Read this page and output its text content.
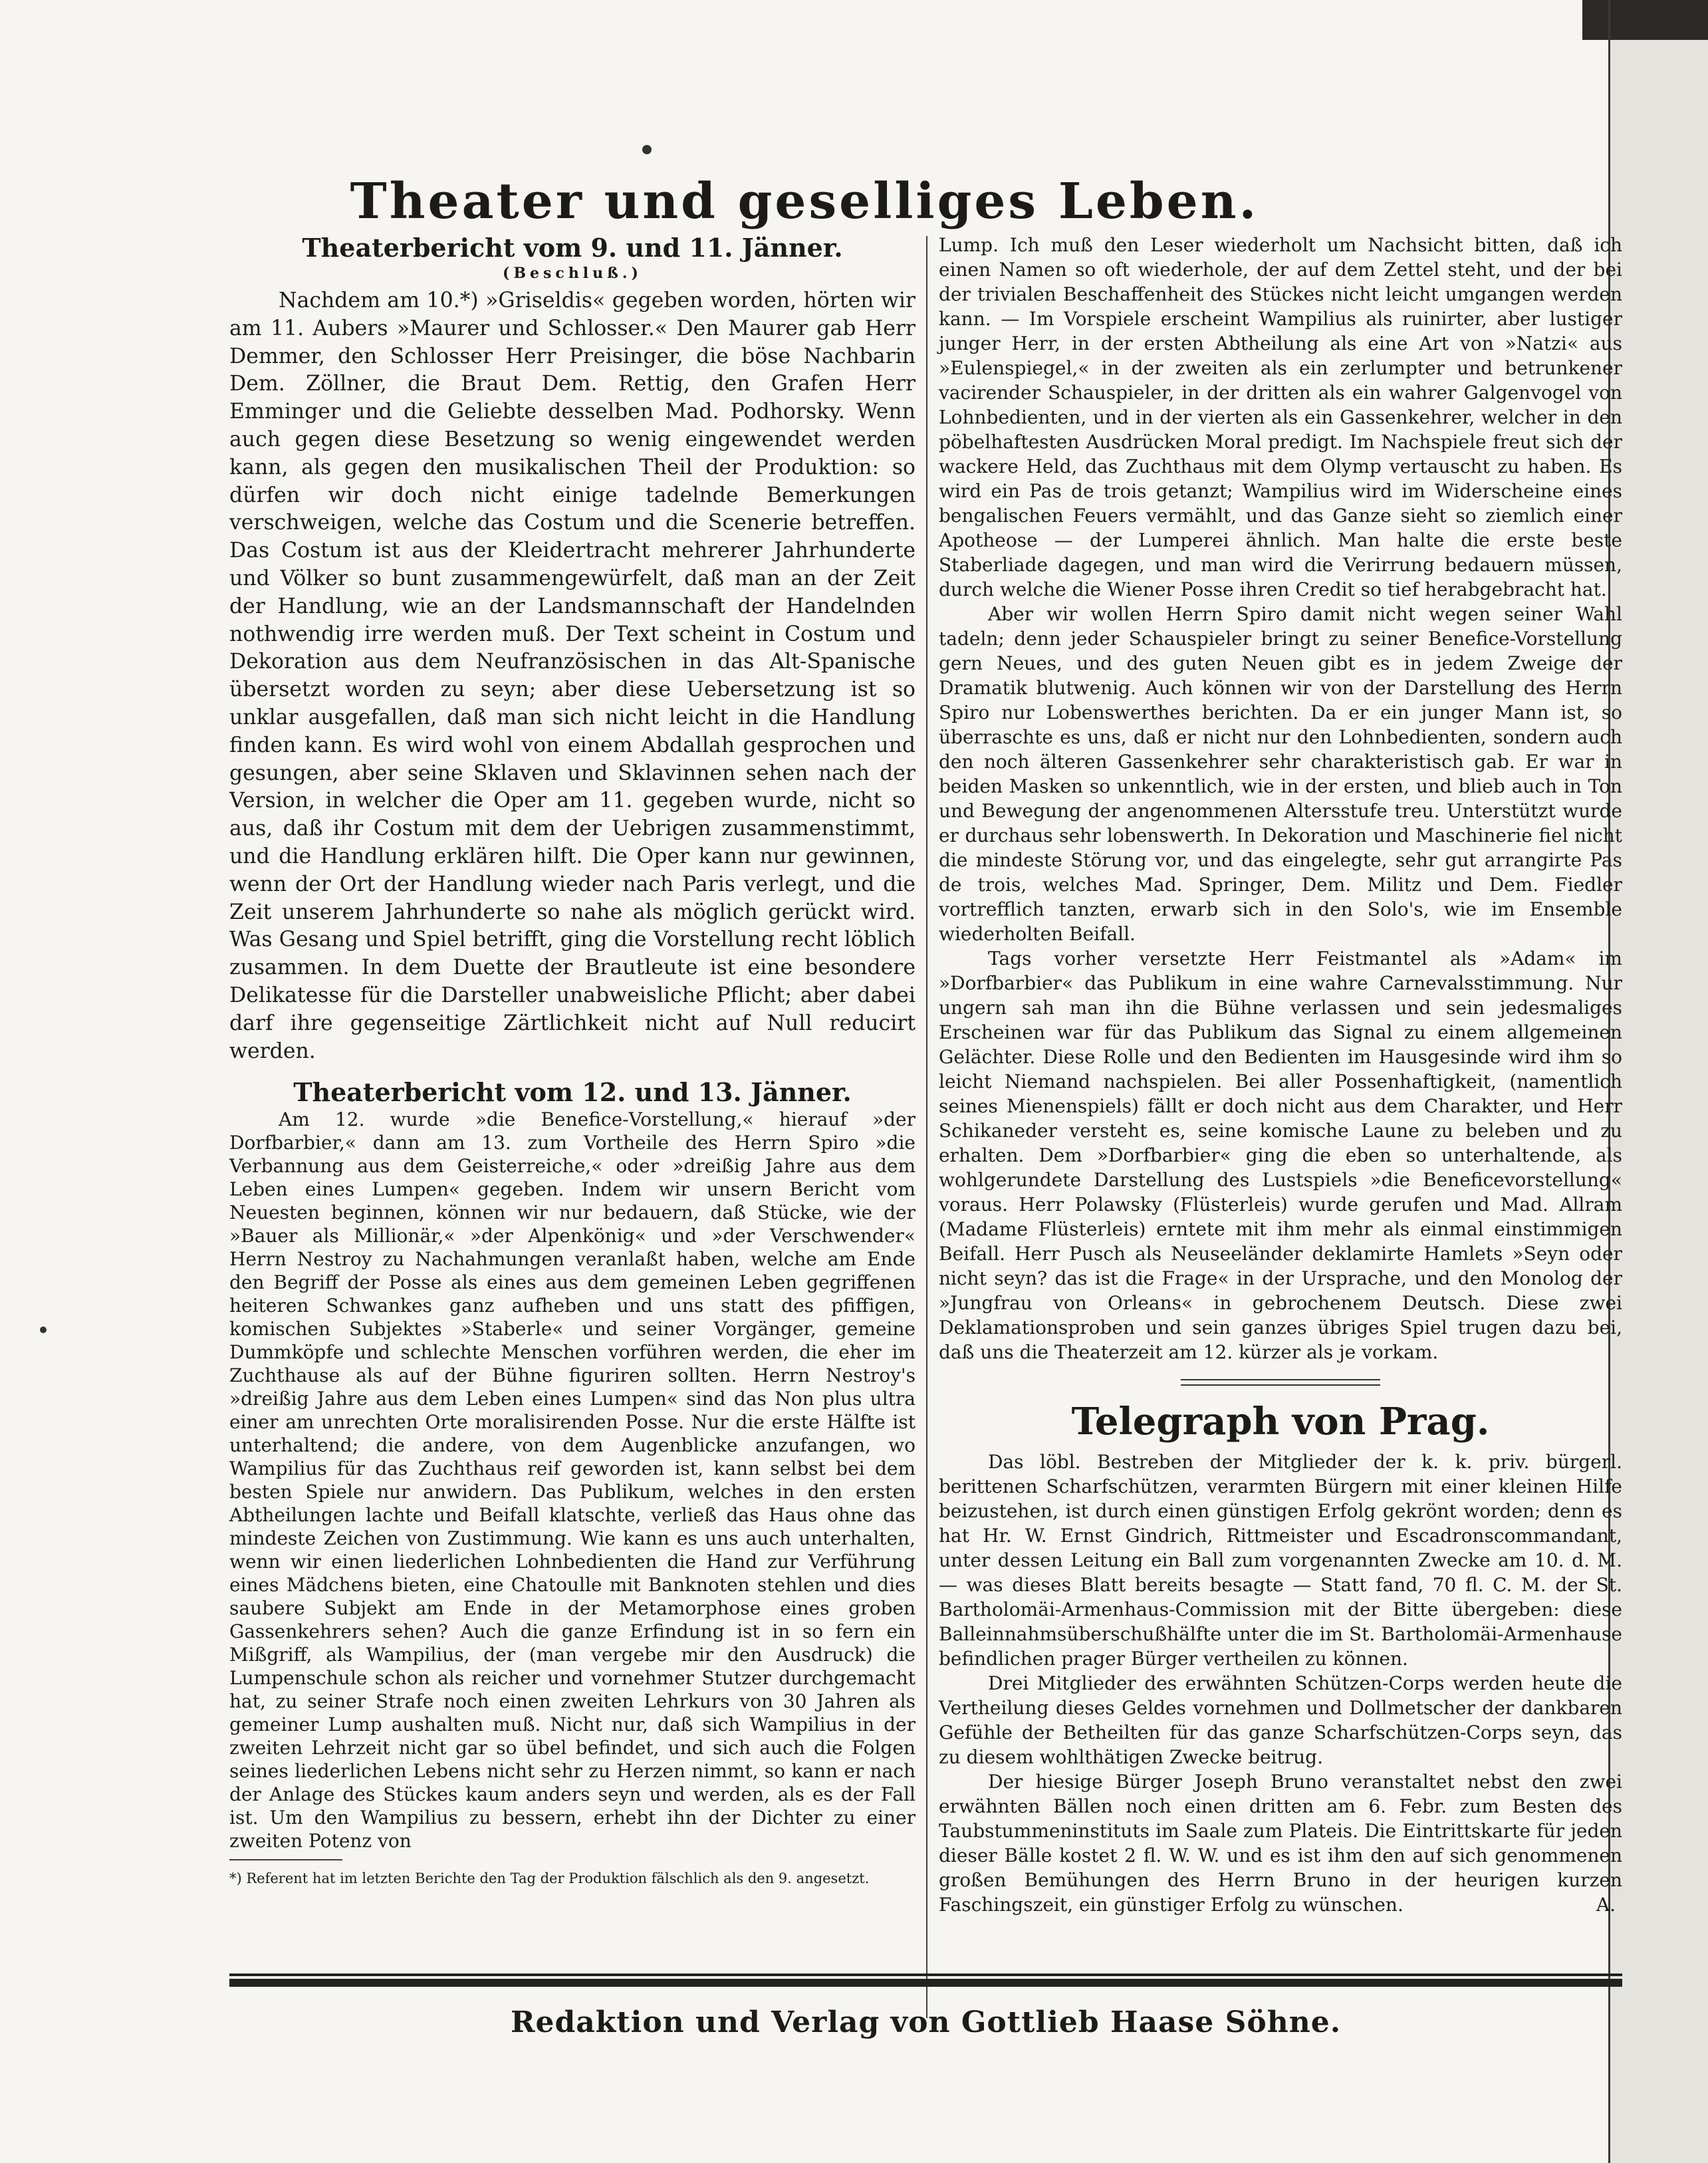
Theater und geselliges Leben.
Theaterbericht vom 9. und 11. Jänner.
(Beschluß.)

Nachdem am 10.*) »Griseldis« gegeben worden, hörten wir am 11. Aubers »Maurer und Schlosser.« Den Maurer gab Herr Demmer, den Schlosser Herr Preisinger, die böse Nachbarin Dem. Zöllner, die Braut Dem. Rettig, den Grafen Herr Emminger und die Geliebte desselben Mad. Podhorsky. Wenn auch gegen diese Besetzung so wenig eingewendet werden kann, als gegen den musikalischen Theil der Produktion: so dürfen wir doch nicht einige tadelnde Bemerkungen verschweigen, welche das Costum und die Scenerie betreffen. Das Costum ist aus der Kleidertracht mehrerer Jahrhunderte und Völker so bunt zusammengewürfelt, daß man an der Zeit der Handlung, wie an der Landsmannschaft der Handelnden nothwendig irre werden muß. Der Text scheint in Costum und Dekoration aus dem Neufranzösischen in das Alt-Spanische übersetzt worden zu seyn; aber diese Uebersetzung ist so unklar ausgefallen, daß man sich nicht leicht in die Handlung finden kann. Es wird wohl von einem Abdallah gesprochen und gesungen, aber seine Sklaven und Sklavinnen sehen nach der Version, in welcher die Oper am 11. gegeben wurde, nicht so aus, daß ihr Costum mit dem der Uebrigen zusammenstimmt, und die Handlung erklären hilft. Die Oper kann nur gewinnen, wenn der Ort der Handlung wieder nach Paris verlegt, und die Zeit unserem Jahrhunderte so nahe als möglich gerückt wird. Was Gesang und Spiel betrifft, ging die Vorstellung recht löblich zusammen. In dem Duette der Brautleute ist eine besondere Delikatesse für die Darsteller unabweisliche Pflicht; aber dabei darf ihre gegenseitige Zärtlichkeit nicht auf Null reducirt werden.

Theaterbericht vom 12. und 13. Jänner.

Am 12. wurde »die Beneficе-Vorstellung,« hierauf »der Dorfbarbier,« dann am 13. zum Vortheile des Herrn Spiro »die Verbannung aus dem Geisterreiche,« oder »dreißig Jahre aus dem Leben eines Lumpen« gegeben. Indem wir unsern Bericht vom Neuesten beginnen, können wir nur bedauern, daß Stücke, wie der »Bauer als Millionär,« »der Alpenkönig« und »der Verschwender« Herrn Nestroy zu Nachahmungen veranlaßt haben, welche am Ende den Begriff der Posse als eines aus dem gemeinen Leben gegriffenen heiteren Schwankes ganz aufheben und uns statt des pfiffigen, komischen Subjektes »Staberle« und seiner Vorgänger, gemeine Dummköpfe und schlechte Menschen vorführen werden, die eher im Zuchthause als auf der Bühne figuriren sollten. Herrn Nestroy's »dreißig Jahre aus dem Leben eines Lumpen« sind das Non plus ultra einer am unrechten Orte moralisirenden Posse. Nur die erste Hälfte ist unterhaltend; die andere, von dem Augenblicke anzufangen, wo Wampilius für das Zuchthaus reif geworden ist, kann selbst bei dem besten Spiele nur anwidern. Das Publikum, welches in den ersten Abtheilungen lachte und Beifall klatschte, verließ das Haus ohne das mindeste Zeichen von Zustimmung. Wie kann es uns auch unterhalten, wenn wir einen liederlichen Lohnbedienten die Hand zur Verführung eines Mädchens bieten, eine Chatoulle mit Banknoten stehlen und dies saubere Subjekt am Ende in der Metamorphose eines groben Gassenkehrers sehen? Auch die ganze Erfindung ist in so fern ein Mißgriff, als Wampilius, der (man vergebe mir den Ausdruck) die Lumpenschule schon als reicher und vornehmer Stutzer durchgemacht hat, zu seiner Strafe noch einen zweiten Lehrkurs von 30 Jahren als gemeiner Lump aushalten muß. Nicht nur, daß sich Wampilius in der zweiten Lehrzeit nicht gar so übel befindet, und sich auch die Folgen seines liederlichen Lebens nicht sehr zu Herzen nimmt, so kann er nach der Anlage des Stückes kaum anders seyn und werden, als es der Fall ist. Um den Wampilius zu bessern, erhebt ihn der Dichter zu einer zweiten Potenz von

*) Referent hat im letzten Berichte den Tag der Produktion fälschlich als den 9. angesetzt.

Lump. Ich muß den Leser wiederholt um Nachsicht bitten, daß ich einen Namen so oft wiederhole, der auf dem Zettel steht, und der bei der trivialen Beschaffenheit des Stückes nicht leicht umgangen werden kann. — Im Vorspiele erscheint Wampilius als ruinirter, aber lustiger junger Herr, in der ersten Abtheilung als eine Art von »Natzi« aus »Eulenspiegel,« in der zweiten als ein zerlumpter und betrunkener vacirender Schauspieler, in der dritten als ein wahrer Galgenvogel von Lohnbedienten, und in der vierten als ein Gassenkehrer, welcher in den pöbelhaftesten Ausdrücken Moral predigt. Im Nachspiele freut sich der wackere Held, das Zuchthaus mit dem Olymp vertauscht zu haben. Es wird ein Pas de trois getanzt; Wampilius wird im Widerscheine eines bengalischen Feuers vermählt, und das Ganze sieht so ziemlich einer Apotheose — der Lumperei ähnlich. Man halte die erste beste Staberliade dagegen, und man wird die Verirrung bedauern müssen, durch welche die Wiener Posse ihren Credit so tief herabgebracht hat.

Aber wir wollen Herrn Spiro damit nicht wegen seiner Wahl tadeln; denn jeder Schauspieler bringt zu seiner Benefice-Vorstellung gern Neues, und des guten Neuen gibt es in jedem Zweige der Dramatik blutwenig. Auch können wir von der Darstellung des Herrn Spiro nur Lobenswerthes berichten. Da er ein junger Mann ist, so überraschte es uns, daß er nicht nur den Lohnbedienten, sondern auch den noch älteren Gassenkehrer sehr charakteristisch gab. Er war in beiden Masken so unkenntlich, wie in der ersten, und blieb auch in Ton und Bewegung der angenommenen Altersstufe treu. Unterstützt wurde er durchaus sehr lobenswerth. In Dekoration und Maschinerie fiel nicht die mindeste Störung vor, und das eingelegte, sehr gut arrangirte Pas de trois, welches Mad. Springer, Dem. Militz und Dem. Fiedler vortrefflich tanzten, erwarb sich in den Solo's, wie im Ensemble wiederholten Beifall.

Tags vorher versetzte Herr Feistmantel als »Adam« im »Dorfbarbier« das Publikum in eine wahre Carnevalsstimmung. Nur ungern sah man ihn die Bühne verlassen und sein jedesmaliges Erscheinen war für das Publikum das Signal zu einem allgemeinen Gelächter. Diese Rolle und den Bedienten im Hausgesinde wird ihm so leicht Niemand nachspielen. Bei aller Possenhaftigkeit, (namentlich seines Mienenspiels) fällt er doch nicht aus dem Charakter, und Herr Schikaneder versteht es, seine komische Laune zu beleben und zu erhalten. Dem »Dorfbarbier« ging die eben so unterhaltende, als wohlgerundete Darstellung des Lustspiels »die Beneficevorstellung« voraus. Herr Polawsky (Flüsterleis) wurde gerufen und Mad. Allram (Madame Flüsterleis) erntete mit ihm mehr als einmal einstimmigen Beifall. Herr Pusch als Neuseeländer deklamirte Hamlets »Seyn oder nicht seyn? das ist die Frage« in der Ursprache, und den Monolog der »Jungfrau von Orleans« in gebrochenem Deutsch. Diese zwei Deklamationsproben und sein ganzes übriges Spiel trugen dazu bei, daß uns die Theaterzeit am 12. kürzer als je vorkam.

Telegraph von Prag.

Das löbl. Bestreben der Mitglieder der k. k. priv. bürgerl. berittenen Scharfschützen, verarmten Bürgern mit einer kleinen Hilfe beizustehen, ist durch einen günstigen Erfolg gekrönt worden; denn es hat Hr. W. Ernst Gindrich, Rittmeister und Escadronscommandant, unter dessen Leitung ein Ball zum vorgenannten Zwecke am 10. d. M. — was dieses Blatt bereits besagte — Statt fand, 70 fl. C. M. der St. Bartholomäi-Armenhaus-Commission mit der Bitte übergeben: diese Balleinnahmsüberschußhälfte unter die im St. Bartholomäi-Armenhause befindlichen prager Bürger vertheilen zu können.

Drei Mitglieder des erwähnten Schützen-Corps werden heute die Vertheilung dieses Geldes vornehmen und Dollmetscher der dankbaren Gefühle der Betheilten für das ganze Scharfschützen-Corps seyn, das zu diesem wohlthätigen Zwecke beitrug.

Der hiesige Bürger Joseph Bruno veranstaltet nebst den zwei erwähnten Bällen noch einen dritten am 6. Febr. zum Besten des Taubstummeninstituts im Saale zum Plateis. Die Eintrittskarte für jeden dieser Bälle kostet 2 fl. W. W. und es ist ihm den auf sich genommenen großen Bemühungen des Herrn Bruno in der heurigen kurzen Faschingszeit, ein günstiger Erfolg zu wünschen.	A.
Redaktion und Verlag von Gottlieb Haase Söhne.
